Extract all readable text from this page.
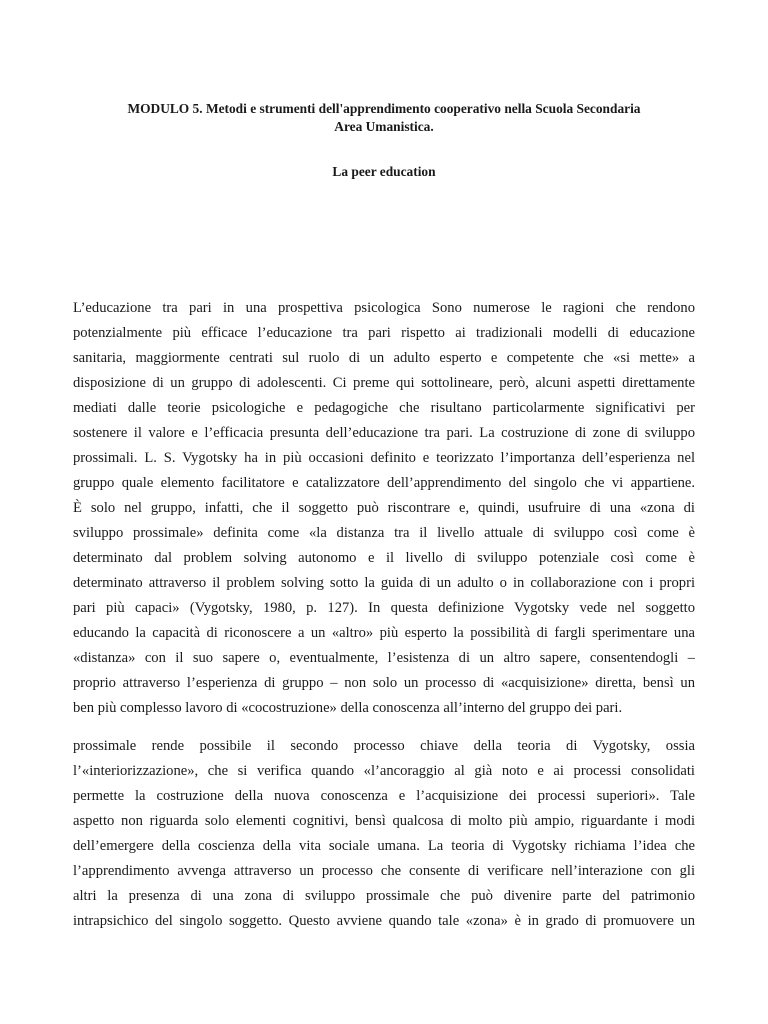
MODULO 5. Metodi e strumenti dell'apprendimento cooperativo nella Scuola Secondaria
Area Umanistica.
La peer education
L’educazione tra pari in una prospettiva psicologica Sono numerose le ragioni che rendono
potenzialmente più efficace l’educazione tra pari rispetto ai tradizionali modelli di educazione
sanitaria, maggiormente centrati sul ruolo di un adulto esperto e competente che «si mette» a
disposizione di un gruppo di adolescenti. Ci preme qui sottolineare, però, alcuni aspetti direttamente
mediati dalle teorie psicologiche e pedagogiche che risultano particolarmente significativi per
sostenere il valore e l’efficacia presunta dell’educazione tra pari. La costruzione di zone di sviluppo
prossimali. L. S. Vygotsky ha in più occasioni definito e teorizzato l’importanza dell’esperienza nel
gruppo quale elemento facilitatore e catalizzatore dell’apprendimento del singolo che vi appartiene.
È solo nel gruppo, infatti, che il soggetto può riscontrare e, quindi, usufruire di una «zona di
sviluppo prossimale» definita come «la distanza tra il livello attuale di sviluppo così come è
determinato dal problem solving autonomo e il livello di sviluppo potenziale così come è
determinato attraverso il problem solving sotto la guida di un adulto o in collaborazione con i propri
pari più capaci» (Vygotsky, 1980, p. 127). In questa definizione Vygotsky vede nel soggetto
educando la capacità di riconoscere a un «altro» più esperto la possibilità di fargli sperimentare una
«distanza» con il suo sapere o, eventualmente, l’esistenza di un altro sapere, consentendogli –
proprio attraverso l’esperienza di gruppo – non solo un processo di «acquisizione» diretta, bensì un
ben più complesso lavoro di «cocostruzione» della conoscenza all’interno del gruppo dei pari.
prossimale rende possibile il secondo processo chiave della teoria di Vygotsky, ossia
l’«interiorizzazione», che si verifica quando «l’ancoraggio al già noto e ai processi consolidati
permette la costruzione della nuova conoscenza e l’acquisizione dei processi superiori». Tale
aspetto non riguarda solo elementi cognitivi, bensì qualcosa di molto più ampio, riguardante i modi
dell’emergere della coscienza della vita sociale umana. La teoria di Vygotsky richiama l’idea che
l’apprendimento avvenga attraverso un processo che consente di verificare nell’interazione con gli
altri la presenza di una zona di sviluppo prossimale che può divenire parte del patrimonio
intrapsichico del singolo soggetto. Questo avviene quando tale «zona» è in grado di promuovere un
